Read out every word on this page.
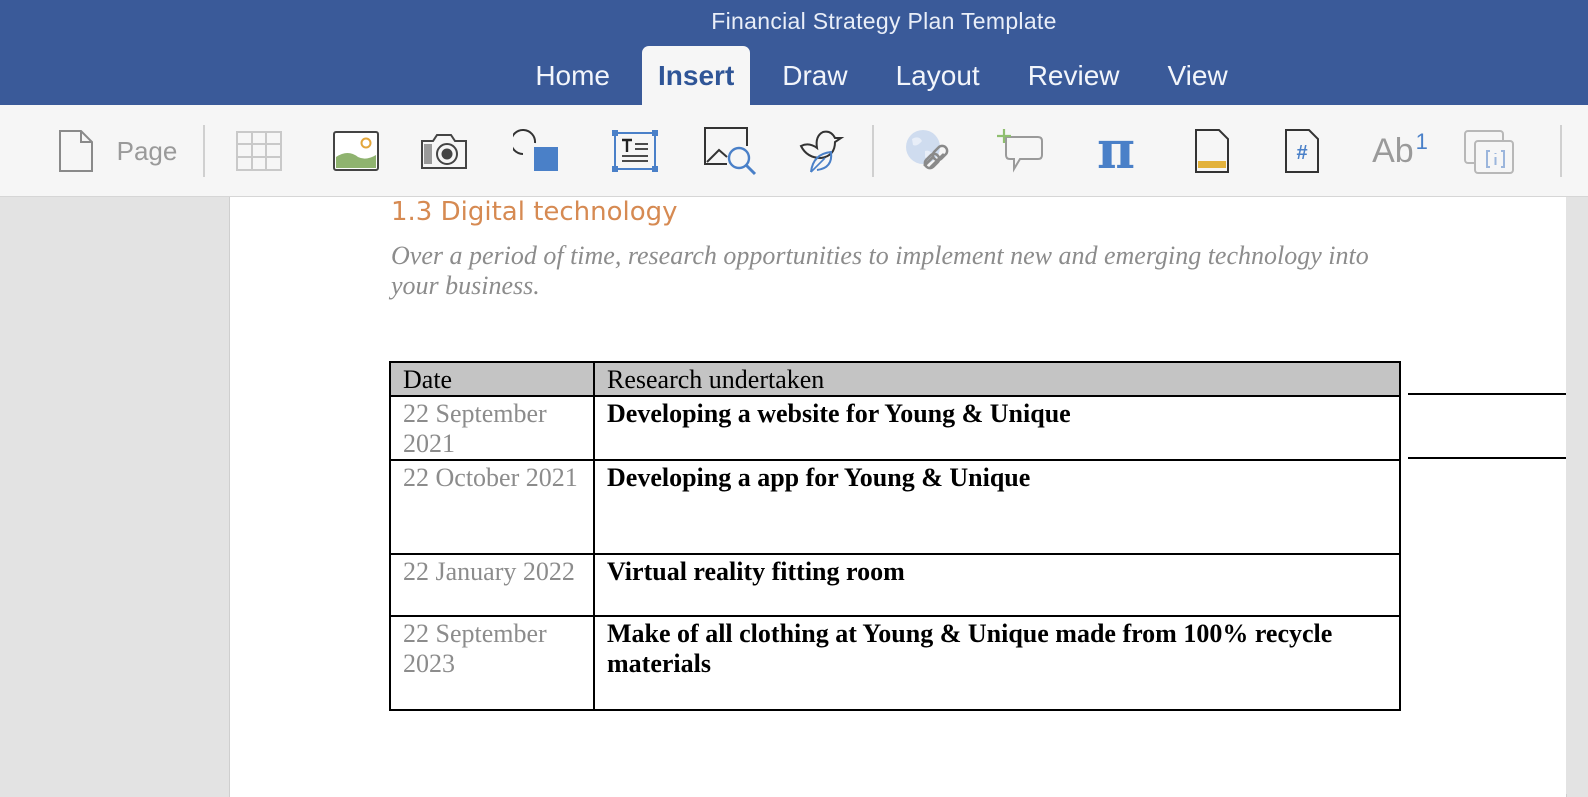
Financial Strategy Plan Template
Home	Insert	Draw	Layout	Review	View
Page	π	#	Ab 1
1.3 Digital technology
Over a period of time, research opportunities to implement new and emerging technology into your business.
Date	Research undertaken
22 September 2021	Developing a website for Young & Unique
22 October 2021	Developing a app for Young & Unique
22 January 2022	Virtual reality fitting room
22 September 2023	Make of all clothing at Young & Unique made from 100% recycle materials
